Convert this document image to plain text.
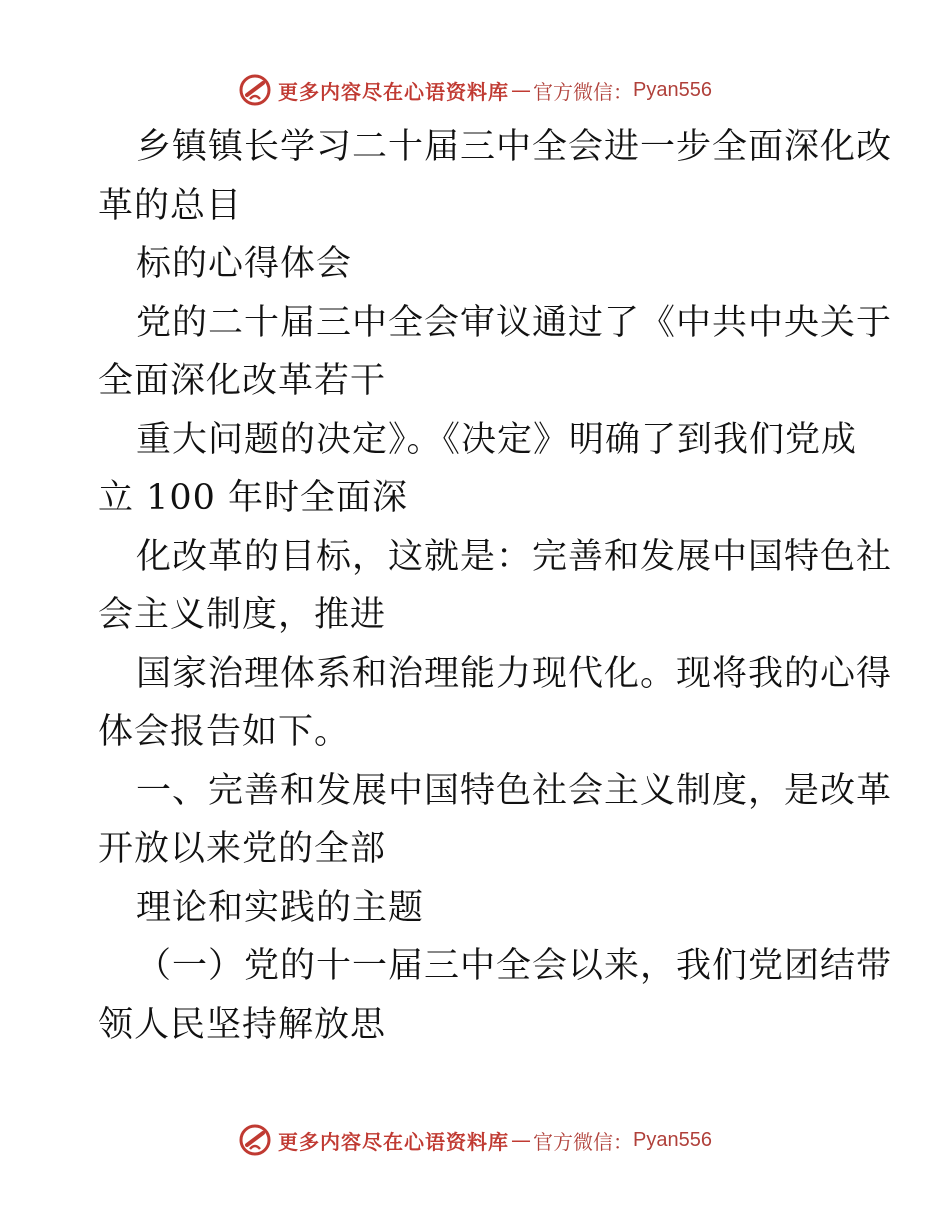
更多内容尽在心语资料库 — 官方微信： Pyan556
乡镇镇长学习二十届三中全会进一步全面深化改
革的总目
标的心得体会
党的二十届三中全会审议通过了《中共中央关于
全面深化改革若干
重大问题的决定》。《决定》明确了到我们党成
立 100 年时全面深
化改革的目标，这就是：完善和发展中国特色社
会主义制度，推进
国家治理体系和治理能力现代化。现将我的心得
体会报告如下。
一、完善和发展中国特色社会主义制度，是改革
开放以来党的全部
理论和实践的主题
（一）党的十一届三中全会以来，我们党团结带
领人民坚持解放思
更多内容尽在心语资料库 — 官方微信： Pyan556
